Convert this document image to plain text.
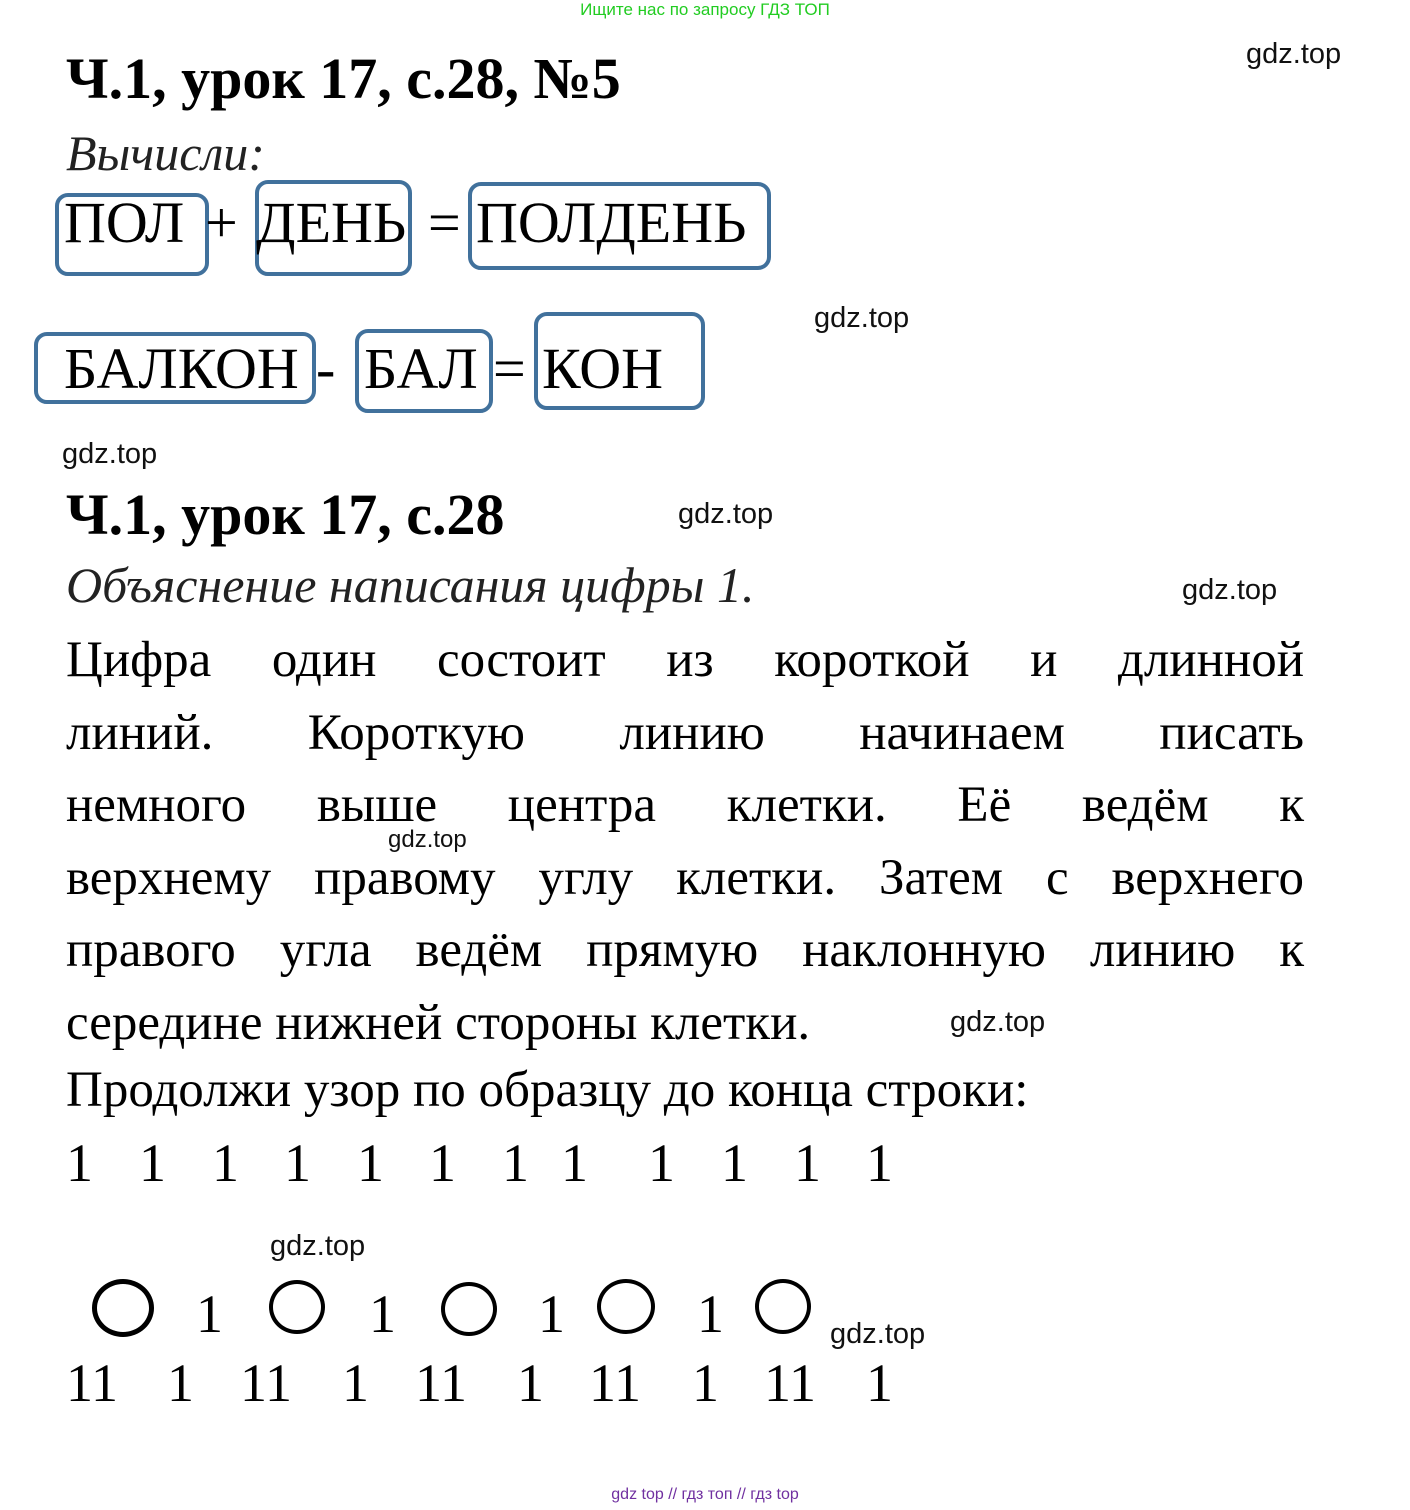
Ищите нас по запросу ГДЗ ТОП
gdz.top
gdz.top
gdz.top
gdz.top
gdz.top
gdz.top
gdz.top
gdz.top
gdz.top
Ч.1, урок 17, с.28, №5
Вычисли:
ПОЛ + ДЕНЬ = ПОЛДЕНЬ
БАЛКОН - БАЛ = КОН
Ч.1, урок 17, с.28
Объяснение написания цифры 1.
Цифра один состоит из короткой и длинной
линий. Короткую линию начинаем писать
немного выше центра клетки. Её ведём к
верхнему правому углу клетки. Затем с верхнего
правого угла ведём прямую наклонную линию к
середине нижней стороны клетки.
Продолжи узор по образцу до конца строки:
1 1 1 1 1 1 1 1 1 1 1 1
1	1	1 1
11 1 11 1 11 1 11 1 11 1
gdz top // гдз топ // гдз top
